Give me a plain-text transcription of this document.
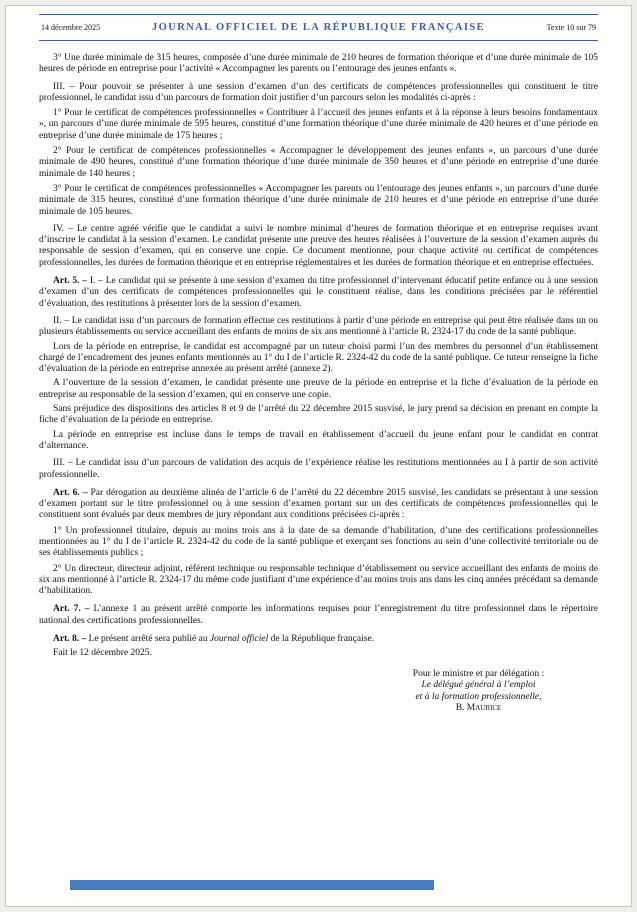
14 décembre 2025	JOURNAL OFFICIEL DE LA RÉPUBLIQUE FRANÇAISE	Texte 10 sur 79

3° Une durée minimale de 315 heures, composée d’une durée minimale de 210 heures de formation théorique et d’une durée minimale de 105 heures de période en entreprise pour l’activité « Accompagner les parents ou l’entourage des jeunes enfants ».

III. – Pour pouvoir se présenter à une session d’examen d’un des certificats de compétences professionnelles qui constituent le titre professionnel, le candidat issu d’un parcours de formation doit justifier d’un parcours selon les modalités ci-après :

1° Pour le certificat de compétences professionnelles « Contribuer à l’accueil des jeunes enfants et à la réponse à leurs besoins fondamentaux », un parcours d’une durée minimale de 595 heures, constitué d’une formation théorique d’une durée minimale de 420 heures et d’une période en entreprise d’une durée minimale de 175 heures ;

2° Pour le certificat de compétences professionnelles « Accompagner le développement des jeunes enfants », un parcours d’une durée minimale de 490 heures, constitué d’une formation théorique d’une durée minimale de 350 heures et d’une période en entreprise d’une durée minimale de 140 heures ;

3° Pour le certificat de compétences professionnelles « Accompagner les parents ou l’entourage des jeunes enfants », un parcours d’une durée minimale de 315 heures, constitué d’une formation théorique d’une durée minimale de 210 heures et d’une période en entreprise d’une durée minimale de 105 heures.

IV. – Le centre agréé vérifie que le candidat a suivi le nombre minimal d’heures de formation théorique et en entreprise requises avant d’inscrire le candidat à la session d’examen. Le candidat présente une preuve des heures réalisées à l’ouverture de la session d’examen auprès du responsable de session d’examen, qui en conserve une copie. Ce document mentionne, pour chaque activité ou certificat de compétences professionnelles, les durées de formation théorique et en entreprise réglementaires et les durées de formation théorique et en entreprise effectuées.

Art. 5. – I. – Le candidat qui se présente à une session d’examen du titre professionnel d’intervenant éducatif petite enfance ou à une session d’examen d’un des certificats de compétences professionnelles qui le constituent réalise, dans les conditions précisées par le référentiel d’évaluation, des restitutions à présenter lors de la session d’examen.

II. – Le candidat issu d’un parcours de formation effectue ces restitutions à partir d’une période en entreprise qui peut être réalisée dans un ou plusieurs établissements ou service accueillant des enfants de moins de six ans mentionné à l’article R. 2324-17 du code de la santé publique.

Lors de la période en entreprise, le candidat est accompagné par un tuteur choisi parmi l’un des membres du personnel d’un établissement chargé de l’encadrement des jeunes enfants mentionnés au 1° du I de l’article R. 2324-42 du code de la santé publique. Ce tuteur renseigne la fiche d’évaluation de la période en entreprise annexée au présent arrêté (annexe 2).

A l’ouverture de la session d’examen, le candidat présente une preuve de la période en entreprise et la fiche d’évaluation de la période en entreprise au responsable de la session d’examen, qui en conserve une copie.

Sans préjudice des dispositions des articles 8 et 9 de l’arrêté du 22 décembre 2015 susvisé, le jury prend sa décision en prenant en compte la fiche d’évaluation de la période en entreprise.

La période en entreprise est incluse dans le temps de travail en établissement d’accueil du jeune enfant pour le candidat en contrat d’alternance.

III. – Le candidat issu d’un parcours de validation des acquis de l’expérience réalise les restitutions mentionnées au I à partir de son activité professionnelle.

Art. 6. – Par dérogation au deuxième alinéa de l’article 6 de l’arrêté du 22 décembre 2015 susvisé, les candidats se présentant à une session d’examen portant sur le titre professionnel ou à une session d’examen portant sur un des certificats de compétences professionnelles qui le constituent sont évalués par deux membres de jury répondant aux conditions précisées ci-après :

1° Un professionnel titulaire, depuis au moins trois ans à la date de sa demande d’habilitation, d’une des certifications professionnelles mentionnées au 1° du I de l’article R. 2324-42 du code de la santé publique et exerçant ses fonctions au sein d’une collectivité territoriale ou de ses établissements publics ;

2° Un directeur, directeur adjoint, référent technique ou responsable technique d’établissement ou service accueillant des enfants de moins de six ans mentionné à l’article R. 2324-17 du même code justifiant d’une expérience d’au moins trois ans dans les cinq années précédant sa demande d’habilitation.

Art. 7. – L’annexe 1 au présent arrêté comporte les informations requises pour l’enregistrement du titre professionnel dans le répertoire national des certifications professionnelles.

Art. 8. – Le présent arrêté sera publié au Journal officiel de la République française.

Fait le 12 décembre 2025.

Pour le ministre et par délégation :

Le délégué général à l’emploi

et à la formation professionnelle,

B. Maurice
